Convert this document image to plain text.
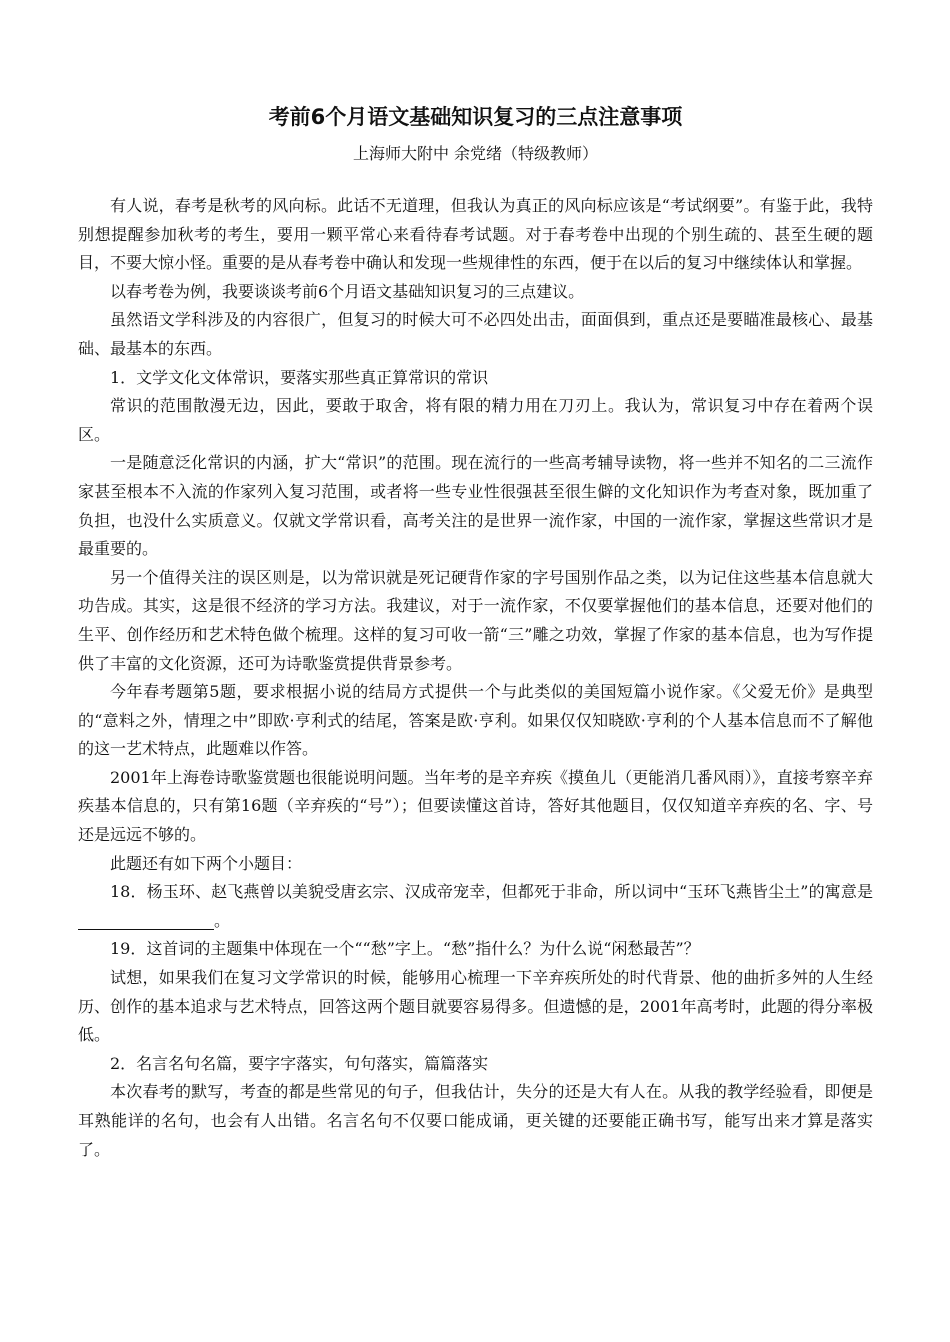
考前6个月语文基础知识复习的三点注意事项

上海师大附中 余党绪（特级教师）

有人说，春考是秋考的风向标。此话不无道理，但我认为真正的风向标应该是“考试纲要”。有鉴于此，我特别想提醒参加秋考的考生，要用一颗平常心来看待春考试题。对于春考卷中出现的个别生疏的、甚至生硬的题目，不要大惊小怪。重要的是从春考卷中确认和发现一些规律性的东西，便于在以后的复习中继续体认和掌握。

以春考卷为例，我要谈谈考前6个月语文基础知识复习的三点建议。

虽然语文学科涉及的内容很广，但复习的时候大可不必四处出击，面面俱到，重点还是要瞄准最核心、最基础、最基本的东西。

1．文学文化文体常识，要落实那些真正算常识的常识

常识的范围散漫无边，因此，要敢于取舍，将有限的精力用在刀刃上。我认为，常识复习中存在着两个误区。

一是随意泛化常识的内涵，扩大“常识”的范围。现在流行的一些高考辅导读物，将一些并不知名的二三流作家甚至根本不入流的作家列入复习范围，或者将一些专业性很强甚至很生僻的文化知识作为考查对象，既加重了负担，也没什么实质意义。仅就文学常识看，高考关注的是世界一流作家，中国的一流作家，掌握这些常识才是最重要的。

另一个值得关注的误区则是，以为常识就是死记硬背作家的字号国别作品之类，以为记住这些基本信息就大功告成。其实，这是很不经济的学习方法。我建议，对于一流作家，不仅要掌握他们的基本信息，还要对他们的生平、创作经历和艺术特色做个梳理。这样的复习可收一箭“三”雕之功效，掌握了作家的基本信息，也为写作提供了丰富的文化资源，还可为诗歌鉴赏提供背景参考。

今年春考题第5题，要求根据小说的结局方式提供一个与此类似的美国短篇小说作家。《父爱无价》是典型的“意料之外，情理之中”即欧·亨利式的结尾，答案是欧·亨利。如果仅仅知晓欧·亨利的个人基本信息而不了解他的这一艺术特点，此题难以作答。

2001年上海卷诗歌鉴赏题也很能说明问题。当年考的是辛弃疾《摸鱼儿（更能消几番风雨）》，直接考察辛弃疾基本信息的，只有第16题（辛弃疾的“号”）；但要读懂这首诗，答好其他题目，仅仅知道辛弃疾的名、字、号还是远远不够的。

此题还有如下两个小题目：

18．杨玉环、赵飞燕曾以美貌受唐玄宗、汉成帝宠幸，但都死于非命，所以词中“玉环飞燕皆尘土”的寓意是。

19．这首词的主题集中体现在一个““愁”字上。“愁”指什么？为什么说“闲愁最苦”？

试想，如果我们在复习文学常识的时候，能够用心梳理一下辛弃疾所处的时代背景、他的曲折多舛的人生经历、创作的基本追求与艺术特点，回答这两个题目就要容易得多。但遗憾的是，2001年高考时，此题的得分率极低。

2．名言名句名篇，要字字落实，句句落实，篇篇落实

本次春考的默写，考查的都是些常见的句子，但我估计，失分的还是大有人在。从我的教学经验看，即便是耳熟能详的名句，也会有人出错。名言名句不仅要口能成诵，更关键的还要能正确书写，能写出来才算是落实了。
